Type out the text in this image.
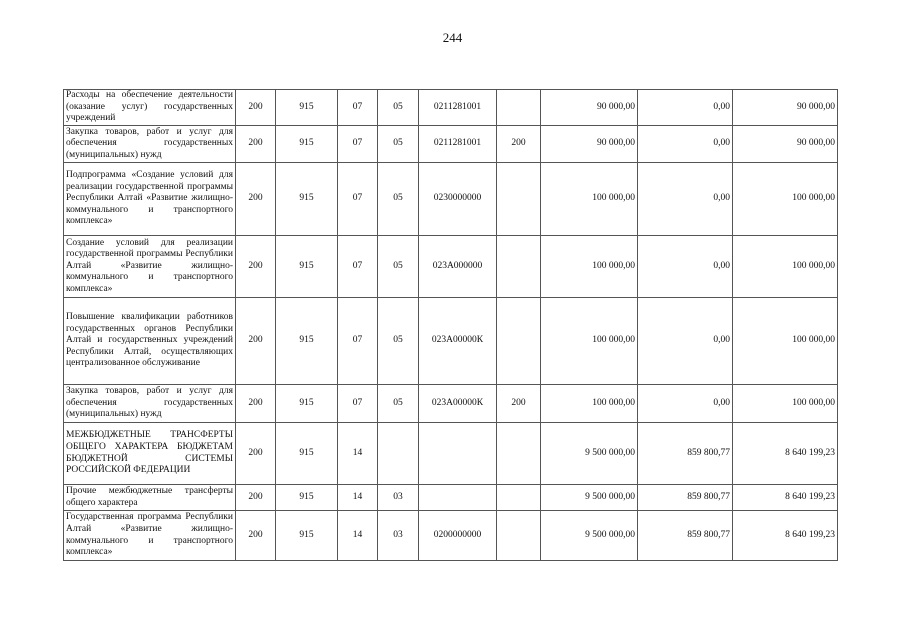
244
Расходы на обеспечение деятельности (оказание услуг) государственных учреждений	200	915	07	05	0211281001		90 000,00	0,00	90 000,00
Закупка товаров, работ и услуг для обеспечения государственных (муниципальных) нужд	200	915	07	05	0211281001	200	90 000,00	0,00	90 000,00
Подпрограмма «Создание условий для реализации государственной программы Республики Алтай «Развитие жилищно-коммунального и транспортного комплекса»	200	915	07	05	0230000000		100 000,00	0,00	100 000,00
Создание условий для реализации государственной программы Республики Алтай «Развитие жилищно-коммунального и транспортного комплекса»	200	915	07	05	023А000000		100 000,00	0,00	100 000,00
Повышение квалификации работников государственных органов Республики Алтай и государственных учреждений Республики Алтай, осуществляющих централизованное обслуживание	200	915	07	05	023А00000К		100 000,00	0,00	100 000,00
Закупка товаров, работ и услуг для обеспечения государственных (муниципальных) нужд	200	915	07	05	023А00000К	200	100 000,00	0,00	100 000,00
МЕЖБЮДЖЕТНЫЕ ТРАНСФЕРТЫ ОБЩЕГО ХАРАКТЕРА БЮДЖЕТАМ БЮДЖЕТНОЙ СИСТЕМЫ РОССИЙСКОЙ ФЕДЕРАЦИИ	200	915	14				9 500 000,00	859 800,77	8 640 199,23
Прочие межбюджетные трансферты общего характера	200	915	14	03			9 500 000,00	859 800,77	8 640 199,23
Государственная программа Республики Алтай «Развитие жилищно-коммунального и транспортного комплекса»	200	915	14	03	0200000000		9 500 000,00	859 800,77	8 640 199,23
